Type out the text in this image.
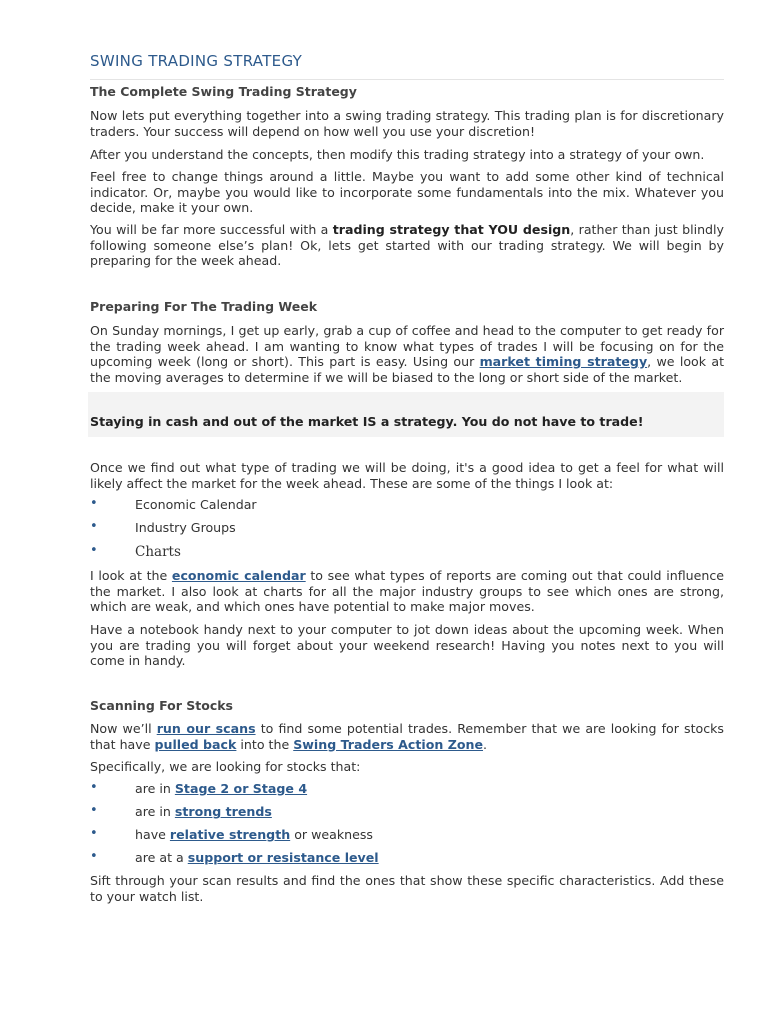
SWING TRADING STRATEGY
The Complete Swing Trading Strategy

Now lets put everything together into a swing trading strategy. This trading plan is for discretionary traders. Your success will depend on how well you use your discretion!

After you understand the concepts, then modify this trading strategy into a strategy of your own.

Feel free to change things around a little. Maybe you want to add some other kind of technical indicator. Or, maybe you would like to incorporate some fundamentals into the mix. Whatever you decide, make it your own.

You will be far more successful with a trading strategy that YOU design, rather than just blindly following someone else’s plan! Ok, lets get started with our trading strategy. We will begin by preparing for the week ahead.

Preparing For The Trading Week

On Sunday mornings, I get up early, grab a cup of coffee and head to the computer to get ready for the trading week ahead. I am wanting to know what types of trades I will be focusing on for the upcoming week (long or short). This part is easy. Using our market timing strategy, we look at the moving averages to determine if we will be biased to the long or short side of the market.

Staying in cash and out of the market IS a strategy. You do not have to trade!

Once we find out what type of trading we will be doing, it's a good idea to get a feel for what will likely affect the market for the week ahead. These are some of the things I look at:

•	Economic Calendar
•	Industry Groups
•	Charts

I look at the economic calendar to see what types of reports are coming out that could influence the market. I also look at charts for all the major industry groups to see which ones are strong, which are weak, and which ones have potential to make major moves.

Have a notebook handy next to your computer to jot down ideas about the upcoming week. When you are trading you will forget about your weekend research! Having you notes next to you will come in handy.

Scanning For Stocks

Now we’ll run our scans to find some potential trades. Remember that we are looking for stocks that have pulled back into the Swing Traders Action Zone.

Specifically, we are looking for stocks that:

•	are in Stage 2 or Stage 4
•	are in strong trends
•	have relative strength or weakness
•	are at a support or resistance level

Sift through your scan results and find the ones that show these specific characteristics. Add these to your watch list.
